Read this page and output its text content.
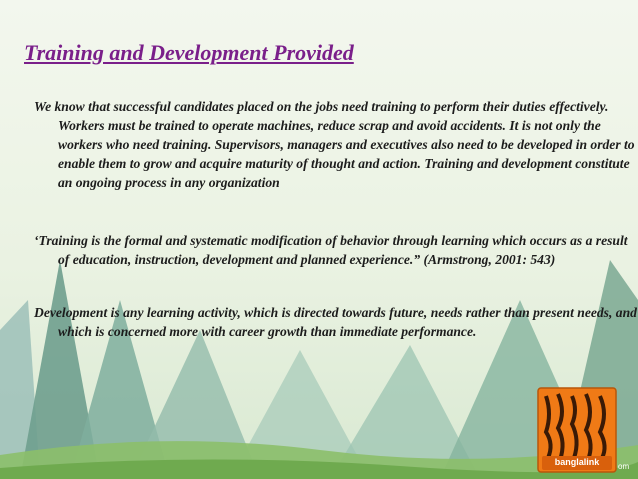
Training and Development Provided
We know that successful candidates placed on the jobs need training to perform their duties effectively. Workers must be trained to operate machines, reduce scrap and avoid accidents. It is not only the workers who need training. Supervisors, managers and executives also need to be developed in order to enable them to grow and acquire maturity of thought and action. Training and development constitute an ongoing process in any organization
‘Training is the formal and systematic modification of behavior through learning which occurs as a result of education, instruction, development and planned experience.” (Armstrong, 2001: 543)
Development is any learning activity, which is directed towards future, needs rather than present needs, and which is concerned more with career growth than immediate performance.
banglalink	om
